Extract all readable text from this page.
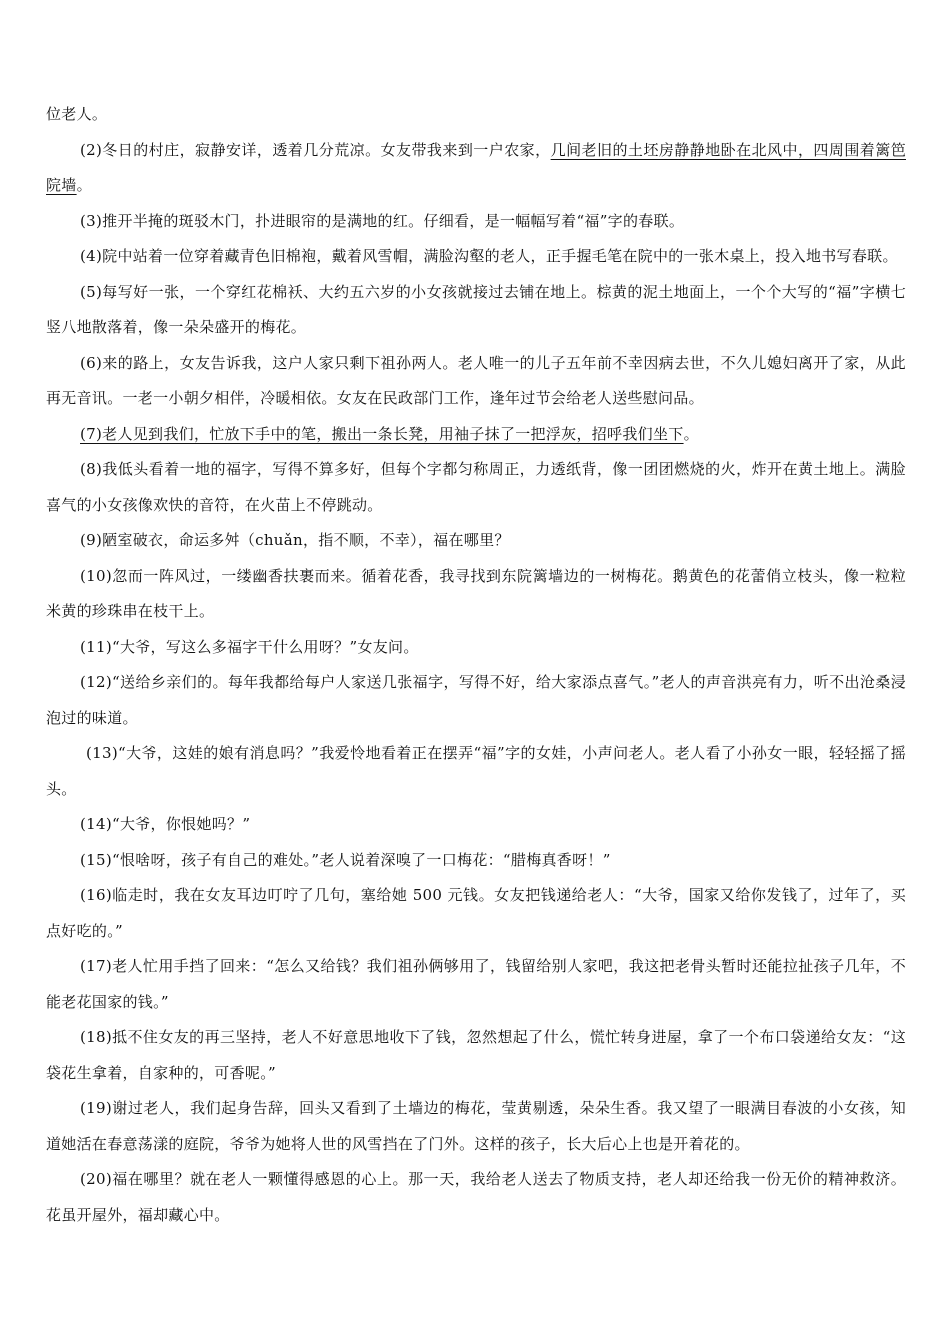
位老人。

(2)冬日的村庄，寂静安详，透着几分荒凉。女友带我来到一户农家，几间老旧的土坯房静静地卧在北风中，四周围着篱笆院墙。

(3)推开半掩的斑驳木门，扑进眼帘的是满地的红。仔细看，是一幅幅写着“福”字的春联。

(4)院中站着一位穿着藏青色旧棉袍，戴着风雪帽，满脸沟壑的老人，正手握毛笔在院中的一张木桌上，投入地书写春联。

(5)每写好一张，一个穿红花棉袄、大约五六岁的小女孩就接过去铺在地上。棕黄的泥土地面上，一个个大写的“福”字横七竖八地散落着，像一朵朵盛开的梅花。

(6)来的路上，女友告诉我，这户人家只剩下祖孙两人。老人唯一的儿子五年前不幸因病去世，不久儿媳妇离开了家，从此再无音讯。一老一小朝夕相伴，冷暖相依。女友在民政部门工作，逢年过节会给老人送些慰问品。

(7)老人见到我们，忙放下手中的笔，搬出一条长凳，用袖子抹了一把浮灰，招呼我们坐下。

(8)我低头看着一地的福字，写得不算多好，但每个字都匀称周正，力透纸背，像一团团燃烧的火，炸开在黄土地上。满脸喜气的小女孩像欢快的音符，在火苗上不停跳动。

(9)陋室破衣，命运多舛（chuǎn，指不顺，不幸），福在哪里？

(10)忽而一阵风过，一缕幽香扶裹而来。循着花香，我寻找到东院篱墙边的一树梅花。鹅黄色的花蕾俏立枝头，像一粒粒米黄的珍珠串在枝干上。

(11)“大爷，写这么多福字干什么用呀？”女友问。

(12)“送给乡亲们的。每年我都给每户人家送几张福字，写得不好，给大家添点喜气。”老人的声音洪亮有力，听不出沧桑浸泡过的味道。

(13)“大爷，这娃的娘有消息吗？”我爱怜地看着正在摆弄“福”字的女娃，小声问老人。老人看了小孙女一眼，轻轻摇了摇头。

(14)“大爷，你恨她吗？”

(15)“恨啥呀，孩子有自己的难处。”老人说着深嗅了一口梅花：“腊梅真香呀！”

(16)临走时，我在女友耳边叮咛了几句，塞给她 500 元钱。女友把钱递给老人：“大爷，国家又给你发钱了，过年了，买点好吃的。”

(17)老人忙用手挡了回来：“怎么又给钱？我们祖孙俩够用了，钱留给别人家吧，我这把老骨头暂时还能拉扯孩子几年，不能老花国家的钱。”

(18)抵不住女友的再三坚持，老人不好意思地收下了钱，忽然想起了什么，慌忙转身进屋，拿了一个布口袋递给女友：“这袋花生拿着，自家种的，可香呢。”

(19)谢过老人，我们起身告辞，回头又看到了土墙边的梅花，莹黄剔透，朵朵生香。我又望了一眼满目春波的小女孩，知道她活在春意荡漾的庭院，爷爷为她将人世的风雪挡在了门外。这样的孩子，长大后心上也是开着花的。

(20)福在哪里？就在老人一颗懂得感恩的心上。那一天，我给老人送去了物质支持，老人却还给我一份无价的精神救济。花虽开屋外，福却藏心中。
